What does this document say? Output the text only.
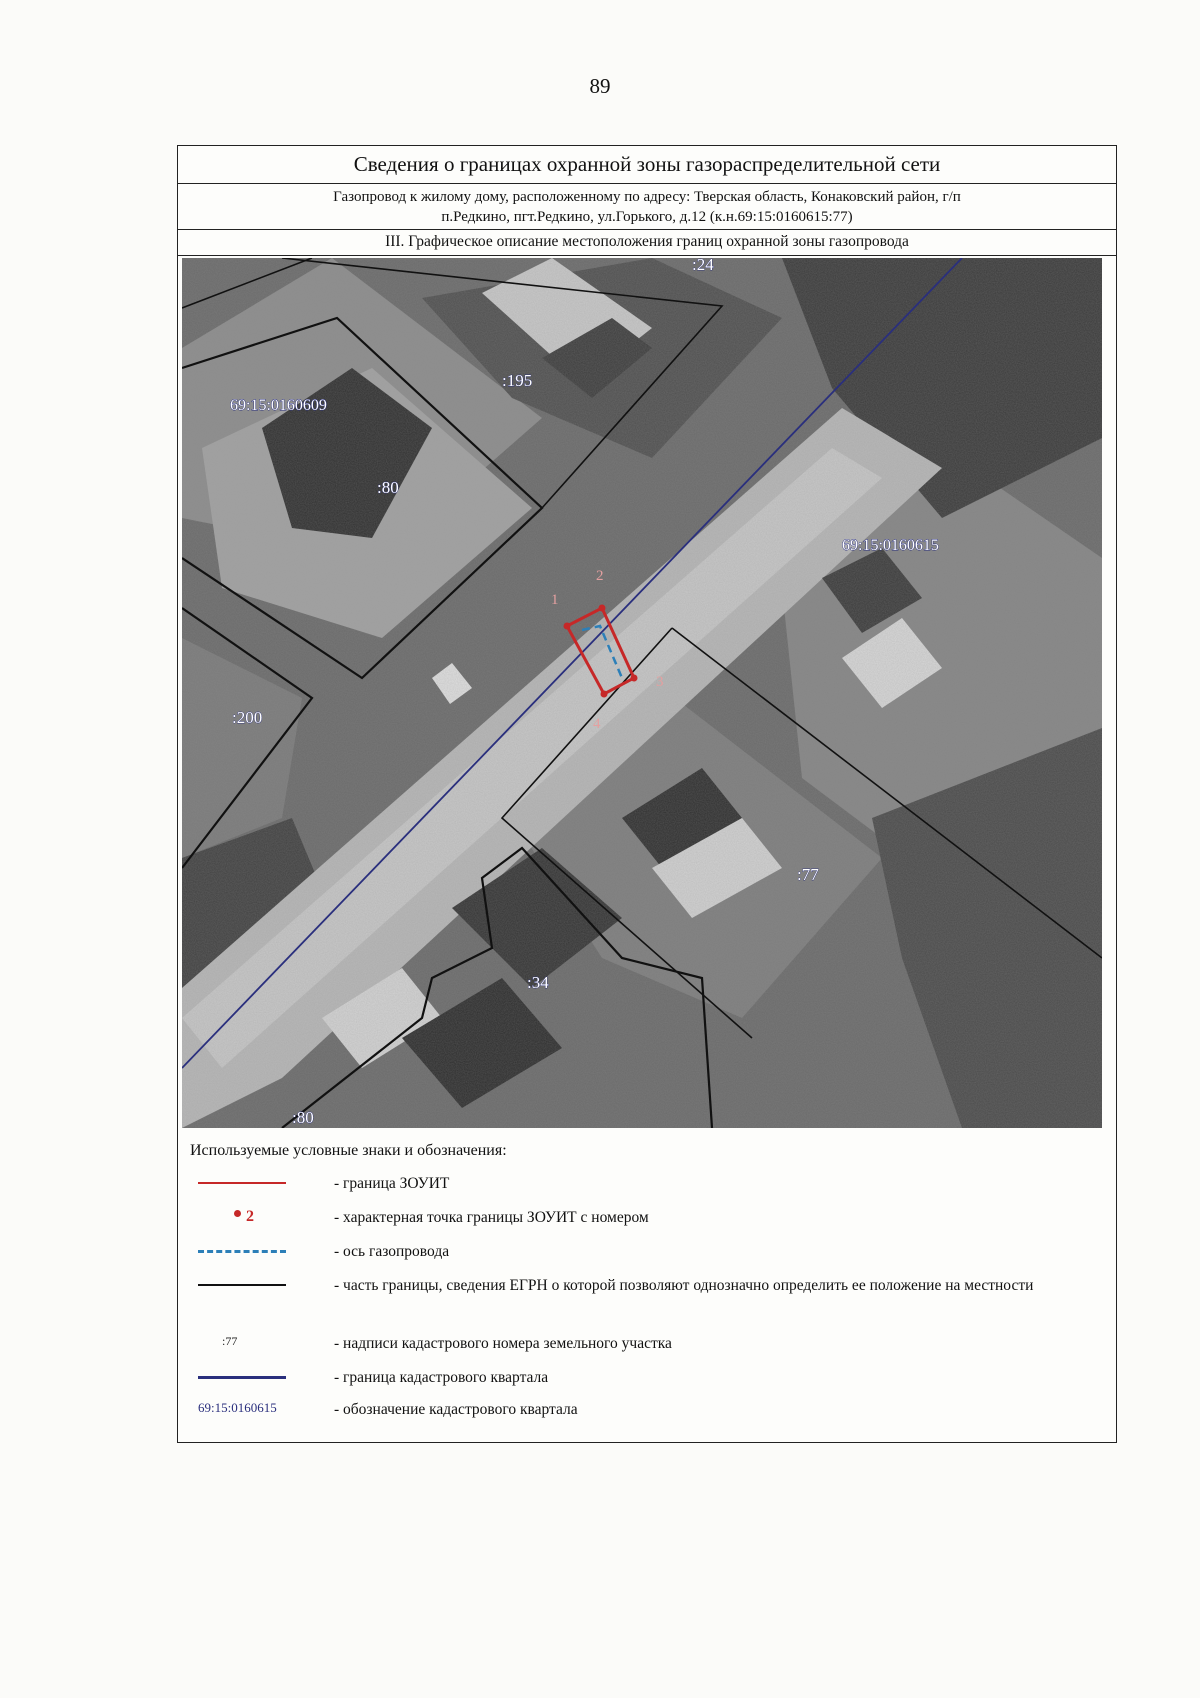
89
Сведения о границах охранной зоны газораспределительной сети
Газопровод к жилому дому, расположенному по адресу: Тверская область, Конаковский район, г/п
п.Редкино, пгт.Редкино, ул.Горького, д.12 (к.н.69:15:0160615:77)
III. Графическое описание местоположения границ охранной зоны газопровода
1
2
3
4
:24
:195
:80
:200
:77
:34
:80
69:15:0160609
69:15:0160615
Используемые условные знаки и обозначения:
- граница ЗОУИТ
2	- характерная точка границы ЗОУИТ с номером
- ось газопровода
- часть границы, сведения ЕГРН о которой позволяют однозначно определить ее положение на местности
:77	- надписи кадастрового номера земельного участка
- граница кадастрового квартала
69:15:0160615	- обозначение кадастрового квартала
